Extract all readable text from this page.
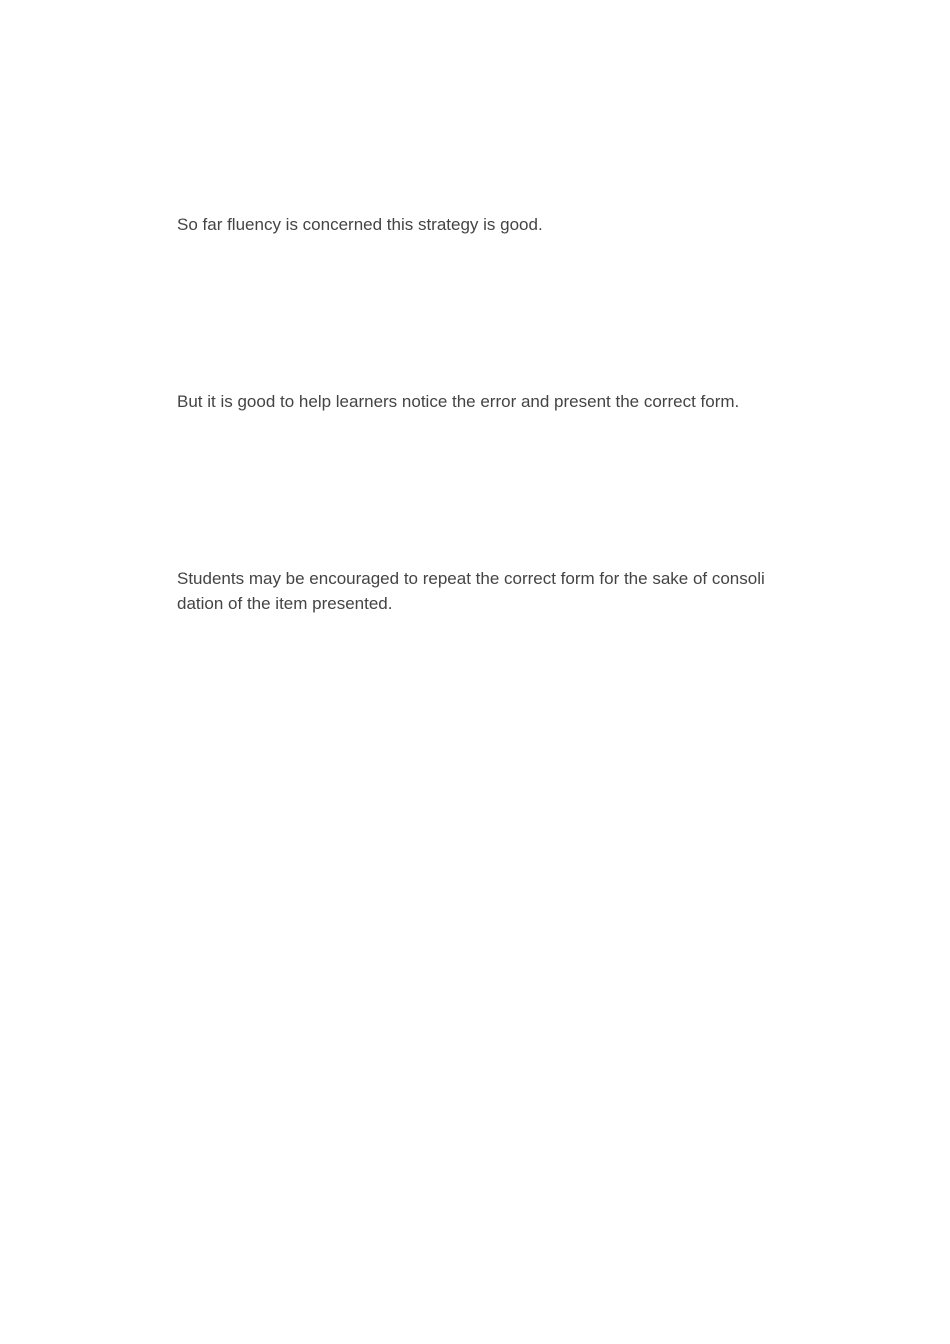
So far fluency is concerned this strategy is good.

But it is good to help learners notice the error and present the correct form.

Students may be encouraged to repeat the correct form for the sake of consoli
dation of the item presented.
